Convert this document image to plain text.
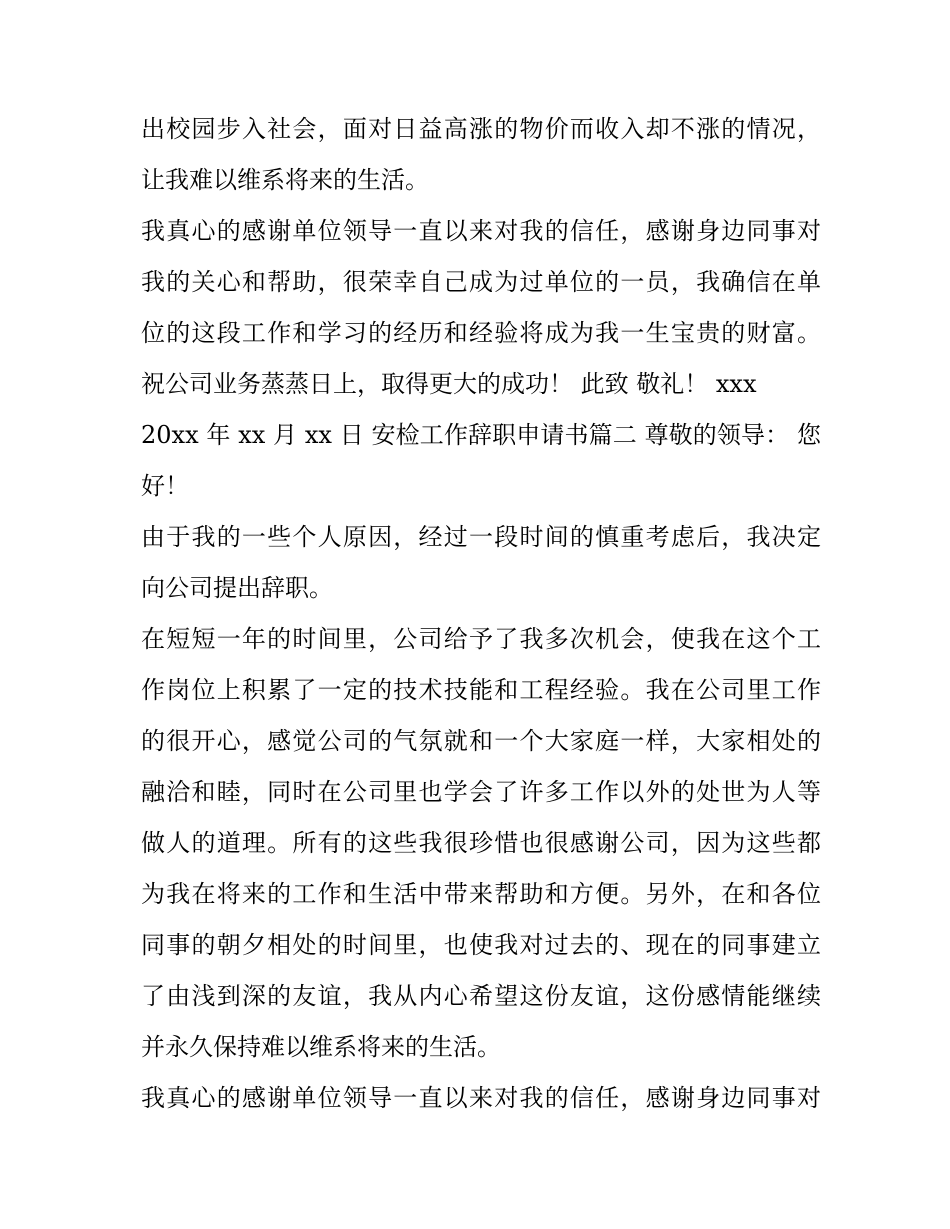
出校园步入社会，面对日益高涨的物价而收入却不涨的情况，
让我难以维系将来的生活。
我真心的感谢单位领导一直以来对我的信任，感谢身边同事对
我的关心和帮助，很荣幸自己成为过单位的一员，我确信在单
位的这段工作和学习的经历和经验将成为我一生宝贵的财富。
祝公司业务蒸蒸日上，取得更大的成功！ 此致 敬礼！ xxx
20xx 年 xx 月 xx 日 安检工作辞职申请书篇二 尊敬的领导： 您
好！
由于我的一些个人原因，经过一段时间的慎重考虑后，我决定
向公司提出辞职。
在短短一年的时间里，公司给予了我多次机会，使我在这个工
作岗位上积累了一定的技术技能和工程经验。我在公司里工作
的很开心，感觉公司的气氛就和一个大家庭一样，大家相处的
融洽和睦，同时在公司里也学会了许多工作以外的处世为人等
做人的道理。所有的这些我很珍惜也很感谢公司，因为这些都
为我在将来的工作和生活中带来帮助和方便。另外，在和各位
同事的朝夕相处的时间里，也使我对过去的、现在的同事建立
了由浅到深的友谊，我从内心希望这份友谊，这份感情能继续
并永久保持难以维系将来的生活。
我真心的感谢单位领导一直以来对我的信任，感谢身边同事对
